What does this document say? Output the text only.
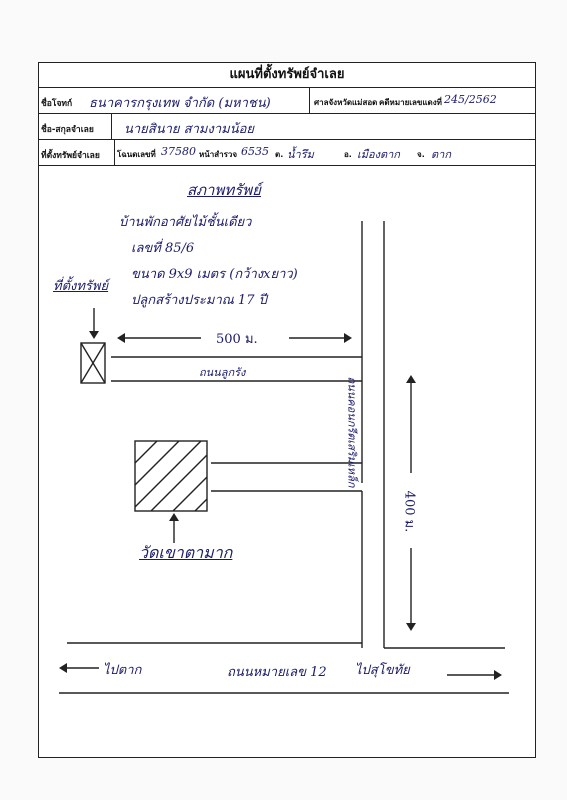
แผนที่ตั้งทรัพย์จำเลย
ชื่อโจทก์ ธนาคารกรุงเทพ จำกัด (มหาชน)	ศาลจังหวัดแม่สอด คดีหมายเลขแดงที่ 245/2562
ชื่อ-สกุลจำเลย นายสินาย สามงามน้อย
ที่ตั้งทรัพย์จำเลย โฉนดเลขที่ 37580 หน้าสำรวจ 6535 ต. น้ำรึม	อ. เมืองตาก จ. ตาก
สภาพทรัพย์
บ้านพักอาศัยไม้ชั้นเดียว
เลขที่ 85/6
ขนาด 9x9 เมตร (กว้างxยาว)
ปลูกสร้างประมาณ 17 ปี
ที่ตั้งทรัพย์
500 ม.
ถนนลูกรัง
ถนนคอนกรีตเสริมเหล็ก
400 ม.
วัดเขาตามาก
ไปตาก	ถนนหมายเลข 12 ไปสุโขทัย
